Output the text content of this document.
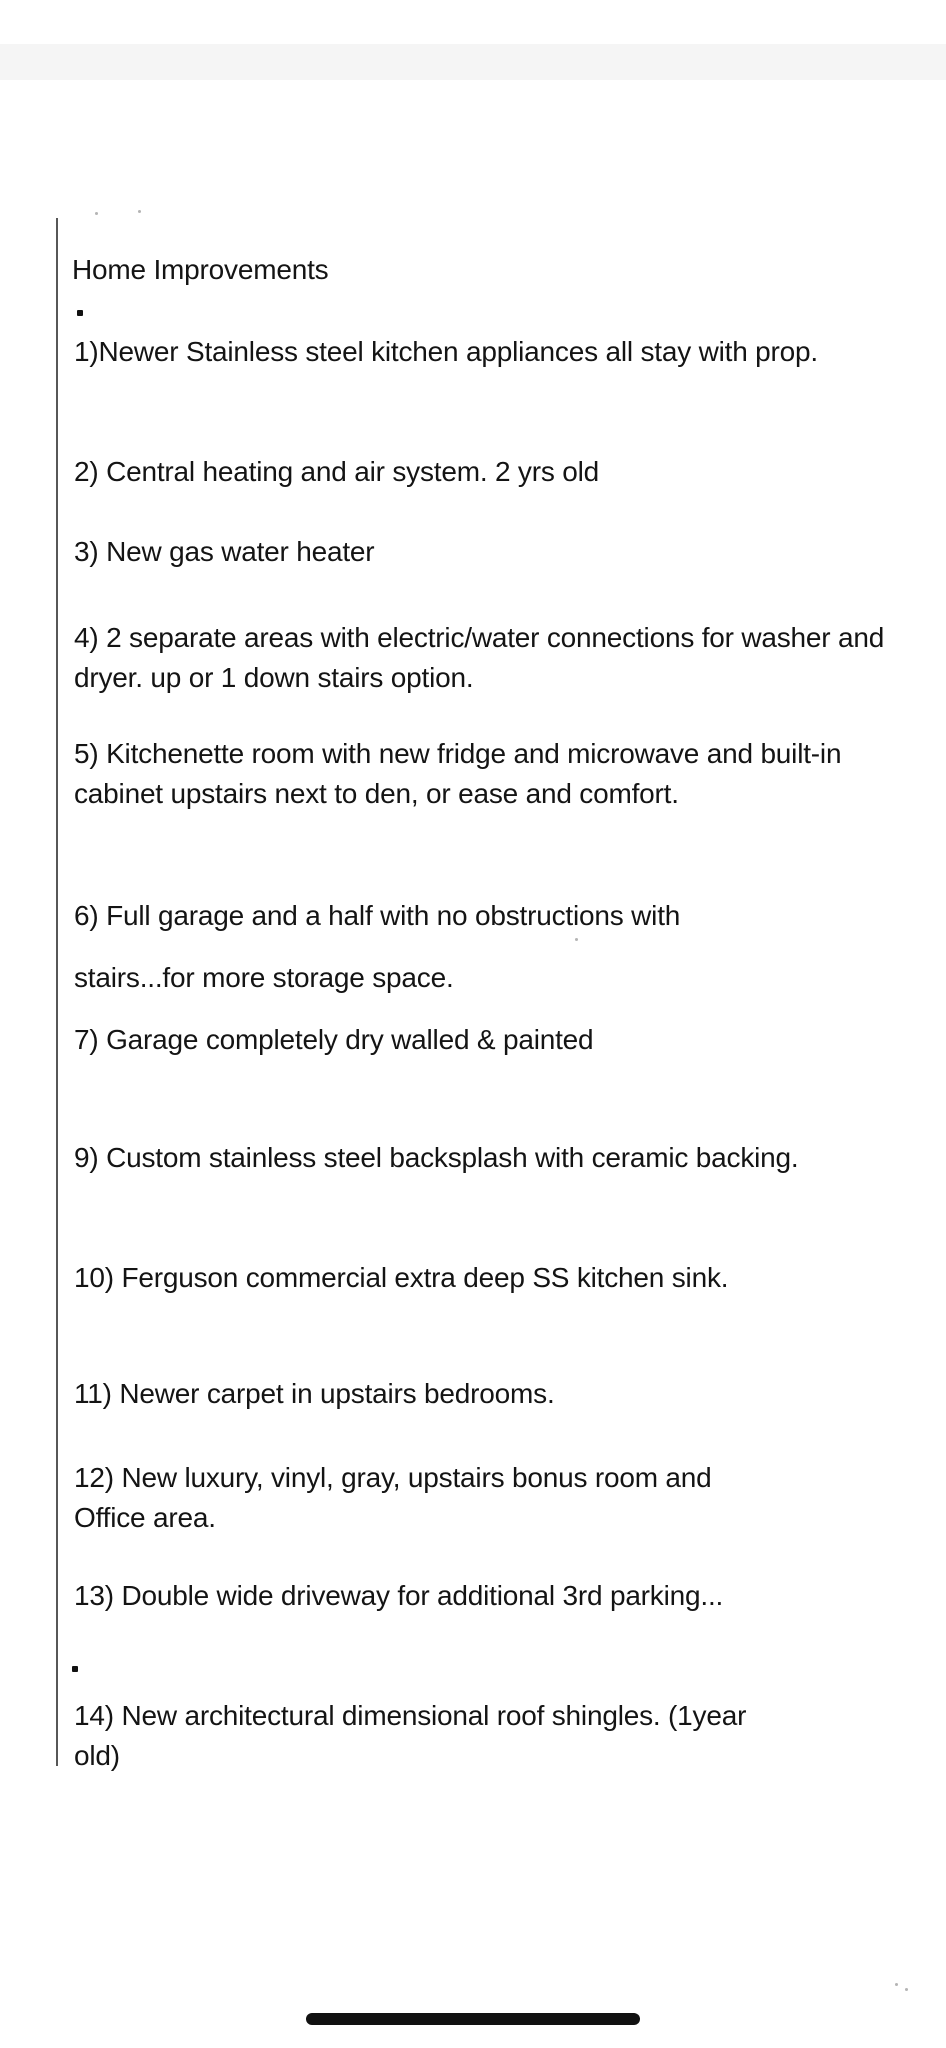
Home Improvements
1)Newer Stainless steel kitchen appliances all stay with prop.
2) Central heating and air system. 2 yrs old
3) New gas water heater
4) 2 separate areas with electric/water connections for washer and dryer. up or 1 down stairs option.
5) Kitchenette room with new fridge and microwave and built-in cabinet upstairs next to den, or ease and comfort.
6) Full garage and a half with no obstructions with
stairs...for more storage space.
7) Garage completely dry walled & painted
9) Custom stainless steel backsplash with ceramic backing.
10) Ferguson commercial extra deep SS kitchen sink.
11) Newer carpet in upstairs bedrooms.
12) New luxury, vinyl, gray, upstairs bonus room and Office area.
13) Double wide driveway for additional 3rd parking...
14) New architectural dimensional roof shingles. (1year old)
